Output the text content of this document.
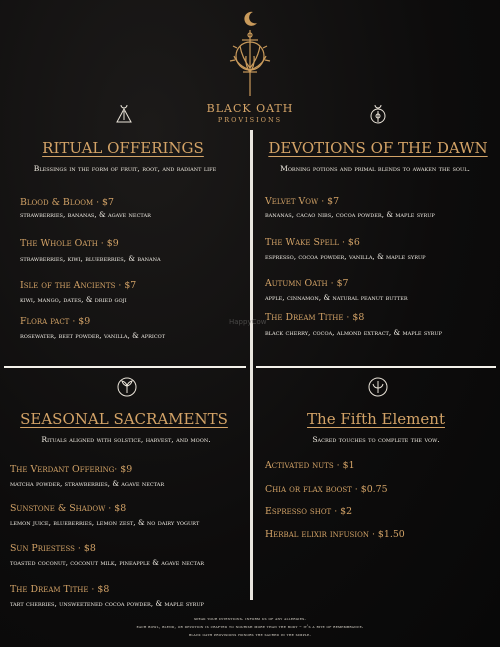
BLACK OATH
PROVISIONS
RITUAL OFFERINGS
Blessings in the form of fruit, root, and radiant life
Blood & Bloom · $7
strawberries, bananas, & agave nectar
The Whole Oath · $9
strawberries, kiwi, blueberries, & banana
Isle of the Ancients · $7
kiwi, mango, dates, & dried goji
Flora pact · $9
rosewater, beet powder, vanilla, & apricot
HappyCow
DEVOTIONS OF THE DAWN
Morning potions and primal blends to awaken the soul.
Velvet Vow · $7
bananas, cacao nibs, cocoa powder, & maple syrup
The Wake Spell · $6
espresso, cocoa powder, vanilla, & maple syrup
Autumn Oath · $7
apple, cinnamon, & natural peanut butter
The Dream Tithe · $8
black cherry, cocoa, almond extract, & maple syrup
SEASONAL SACRAMENTS
Rituals aligned with solstice, harvest, and moon.
The Verdant Offering· $9
matcha powder, strawberries, & agave nectar
Sunstone & Shadow · $8
lemon juice, blueberries, lemon zest, & no dairy yogurt
Sun Priestess · $8
toasted coconut, coconut milk, pineapple & agave nectar
The Dream Tithe · $8
tart cherries, unsweetened cocoa powder, & maple syrup
The Fifth Element
Sacred touches to complete the vow.
Activated nuts · $1
Chia or flax boost · $0.75
Espresso shot · $2
Herbal elixir infusion · $1.50
speak your intentions. inform us of any allergies.
each bowl, blend, or devotion is crafted to nourish more than the body – it's a rite of remembrance.
black oath provisions honors the sacred in the simple.
